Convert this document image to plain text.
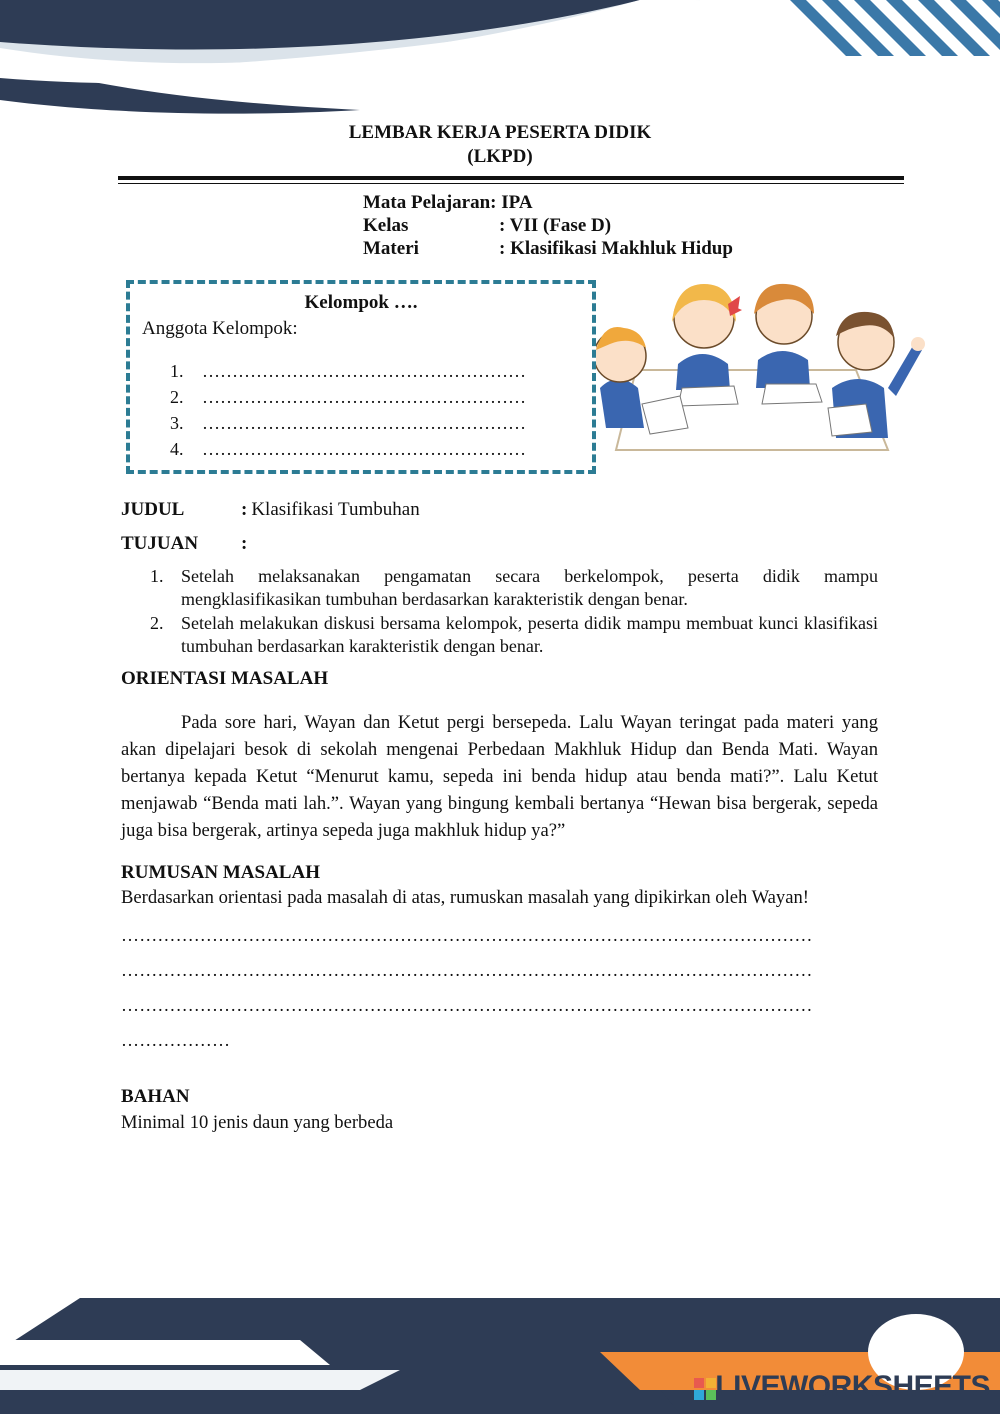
LEMBAR KERJA PESERTA DIDIK
(LKPD)
Mata Pelajaran: IPA
Kelas	: VII (Fase D)
Materi	: Klasifikasi Makhluk Hidup
Kelompok ….
Anggota Kelompok:
1. ………………………………………………
2. ………………………………………………
3. ………………………………………………
4. ………………………………………………
JUDUL	: Klasifikasi Tumbuhan
TUJUAN :
1. Setelah melaksanakan pengamatan secara berkelompok, peserta didik mampu mengklasifikasikan tumbuhan berdasarkan karakteristik dengan benar.
2. Setelah melakukan diskusi bersama kelompok, peserta didik mampu membuat kunci klasifikasi tumbuhan berdasarkan karakteristik dengan benar.
ORIENTASI MASALAH
Pada sore hari, Wayan dan Ketut pergi bersepeda. Lalu Wayan teringat pada materi yang akan dipelajari besok di sekolah mengenai Perbedaan Makhluk Hidup dan Benda Mati. Wayan bertanya kepada Ketut “Menurut kamu, sepeda ini benda hidup atau benda mati?”. Lalu Ketut menjawab “Benda mati lah.”. Wayan yang bingung kembali bertanya “Hewan bisa bergerak, sepeda juga bisa bergerak, artinya sepeda juga makhluk hidup ya?”
RUMUSAN MASALAH
Berdasarkan orientasi pada masalah di atas, rumuskan masalah yang dipikirkan oleh Wayan!
……………………………………………………………………………………………………
……………………………………………………………………………………………………
……………………………………………………………………………………………………
………………
BAHAN
Minimal 10 jenis daun yang berbeda
LIVEWORKSHEETS
